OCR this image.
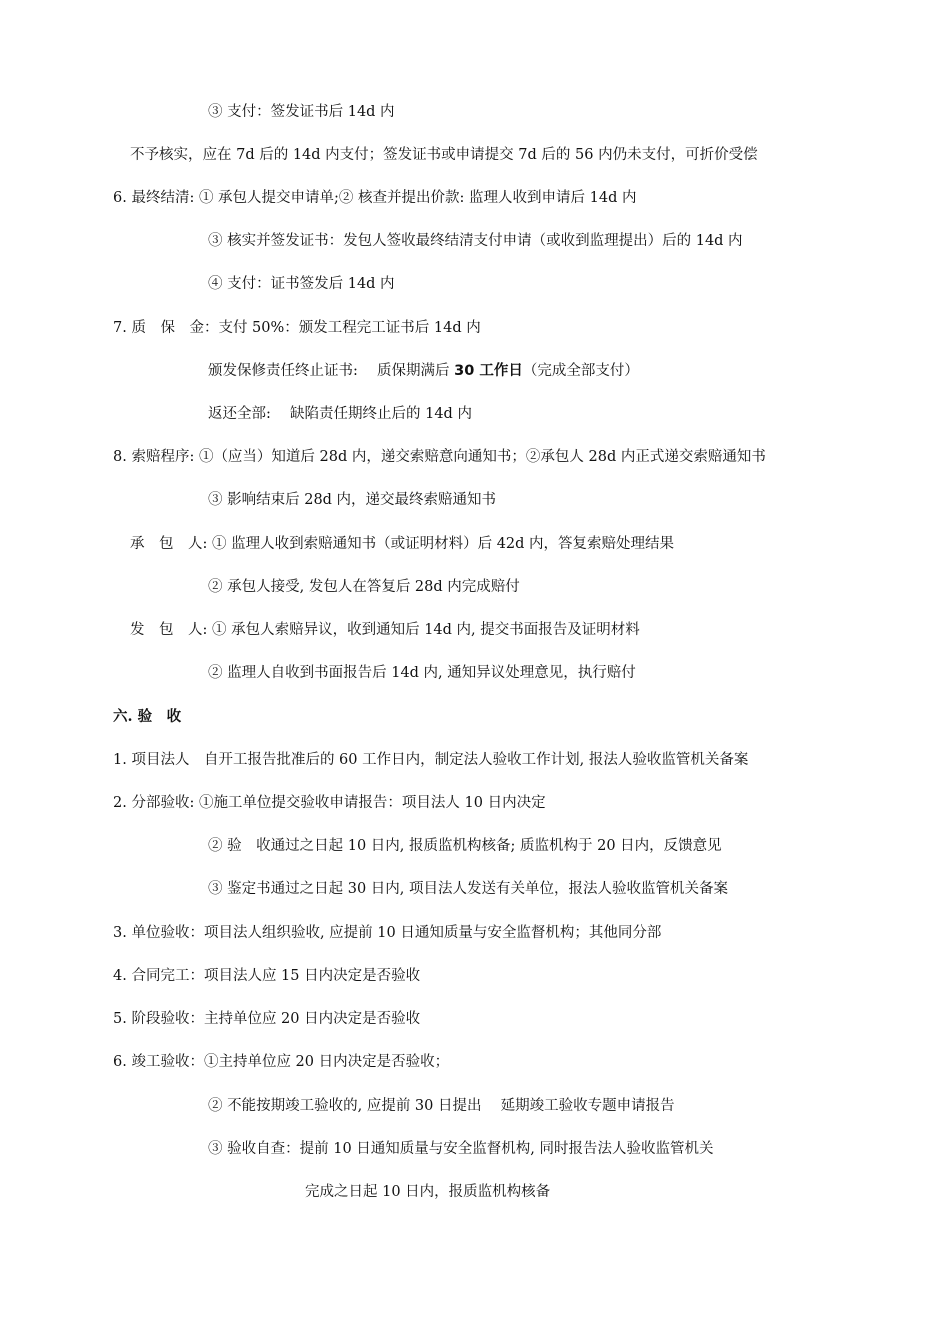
③ 支付：签发证书后 14d 内
不予核实，应在 7d 后的 14d 内支付；签发证书或申请提交 7d 后的 56 内仍未支付，可折价受偿
6. 最终结清: ① 承包人提交申请单;② 核查并提出价款: 监理人收到申请后 14d 内
③ 核实并签发证书：发包人签收最终结清支付申请（或收到监理提出）后的 14d 内
④ 支付：证书签发后 14d 内
7. 质　保　金：支付 50%：颁发工程完工证书后 14d 内
颁发保修责任终止证书:　 质保期满后 30 工作日（完成全部支付）
返还全部:　 缺陷责任期终止后的 14d 内
8. 索赔程序: ①（应当）知道后 28d 内，递交索赔意向通知书；②承包人 28d 内正式递交索赔通知书
③ 影响结束后 28d 内，递交最终索赔通知书
承　包　人: ① 监理人收到索赔通知书（或证明材料）后 42d 内，答复索赔处理结果
② 承包人接受, 发包人在答复后 28d 内完成赔付
发　包　人: ① 承包人索赔异议，收到通知后 14d 内, 提交书面报告及证明材料
② 监理人自收到书面报告后 14d 内, 通知异议处理意见，执行赔付
六. 验　收
1. 项目法人　自开工报告批准后的 60 工作日内，制定法人验收工作计划, 报法人验收监管机关备案
2. 分部验收: ①施工单位提交验收申请报告：项目法人 10 日内决定
② 验　收通过之日起 10 日内, 报质监机构核备; 质监机构于 20 日内，反馈意见
③ 鉴定书通过之日起 30 日内, 项目法人发送有关单位，报法人验收监管机关备案
3. 单位验收：项目法人组织验收, 应提前 10 日通知质量与安全监督机构；其他同分部
4. 合同完工：项目法人应 15 日内决定是否验收
5. 阶段验收：主持单位应 20 日内决定是否验收
6. 竣工验收：①主持单位应 20 日内决定是否验收；
② 不能按期竣工验收的, 应提前 30 日提出　 延期竣工验收专题申请报告
③ 验收自查：提前 10 日通知质量与安全监督机构, 同时报告法人验收监管机关
完成之日起 10 日内，报质监机构核备
